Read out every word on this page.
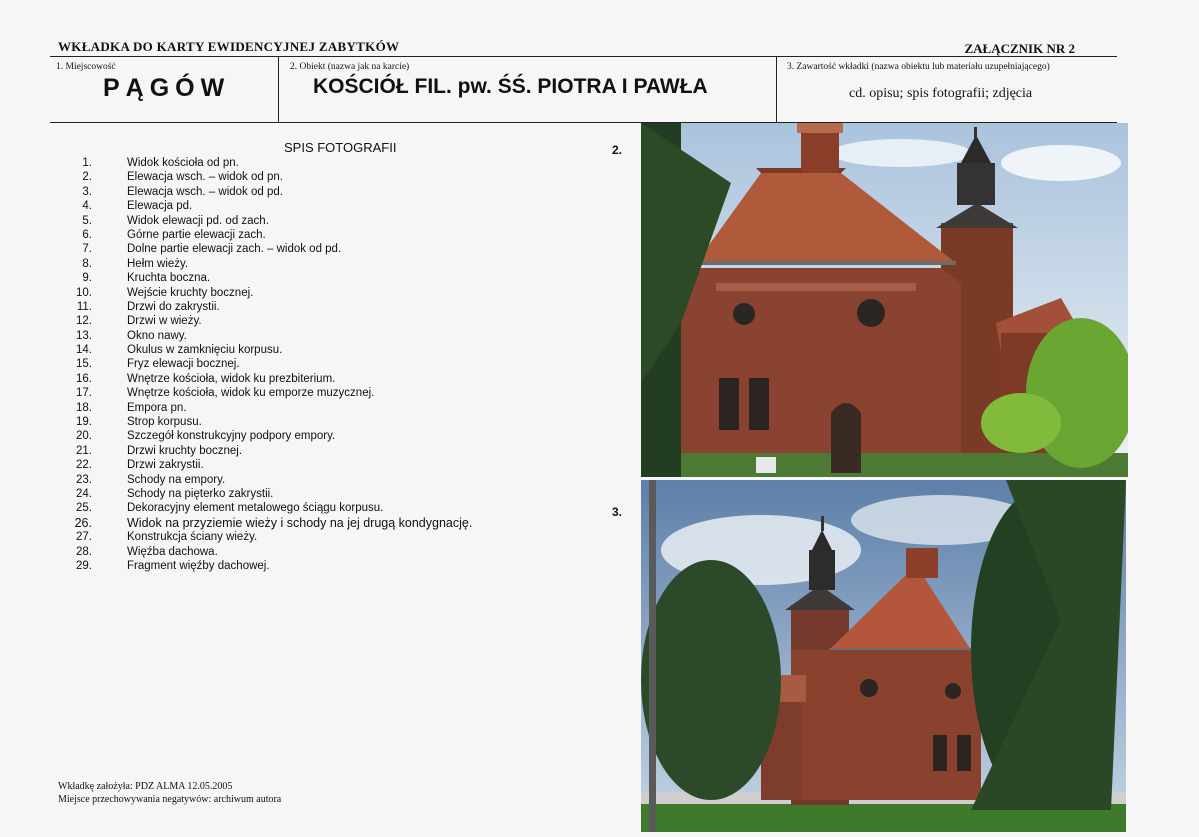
WKŁADKA DO KARTY EWIDENCYJNEJ ZABYTKÓW	ZAŁĄCZNIK NR 2
1. Miejscowość
PĄGÓW
2. Obiekt (nazwa jak na karcie)
KOŚCIÓŁ FIL. pw. ŚŚ. PIOTRA I PAWŁA
3. Zawartość wkładki (nazwa obiektu lub materiału uzupełniającego)
cd. opisu; spis fotografii; zdjęcia
SPIS FOTOGRAFII
1.	Widok kościoła od pn.
2.	Elewacja wsch. – widok od pn.
3.	Elewacja wsch. – widok od pd.
4.	Elewacja pd.
5.	Widok elewacji pd. od zach.
6.	Górne partie elewacji zach.
7.	Dolne partie elewacji zach. – widok od pd.
8.	Hełm wieży.
9.	Kruchta boczna.
10.	Wejście kruchty bocznej.
11.	Drzwi do zakrystii.
12.	Drzwi w wieży.
13.	Okno nawy.
14.	Okulus w zamknięciu korpusu.
15.	Fryz elewacji bocznej.
16.	Wnętrze kościoła, widok ku prezbiterium.
17.	Wnętrze kościoła, widok ku emporze muzycznej.
18.	Empora pn.
19.	Strop korpusu.
20.	Szczegół konstrukcyjny podpory empory.
21.	Drzwi kruchty bocznej.
22.	Drzwi zakrystii.
23.	Schody na empory.
24.	Schody na pięterko zakrystii.
25.	Dekoracyjny element metalowego ściągu korpusu.
26.	Widok na przyziemie wieży i schody na jej drugą kondygnację.
27.	Konstrukcja ściany wieży.
28.	Więźba dachowa.
29.	Fragment więźby dachowej.
Wkładkę założyła: PDZ ALMA 12.05.2005
Miejsce przechowywania negatywów: archiwum autora
2.
3.
